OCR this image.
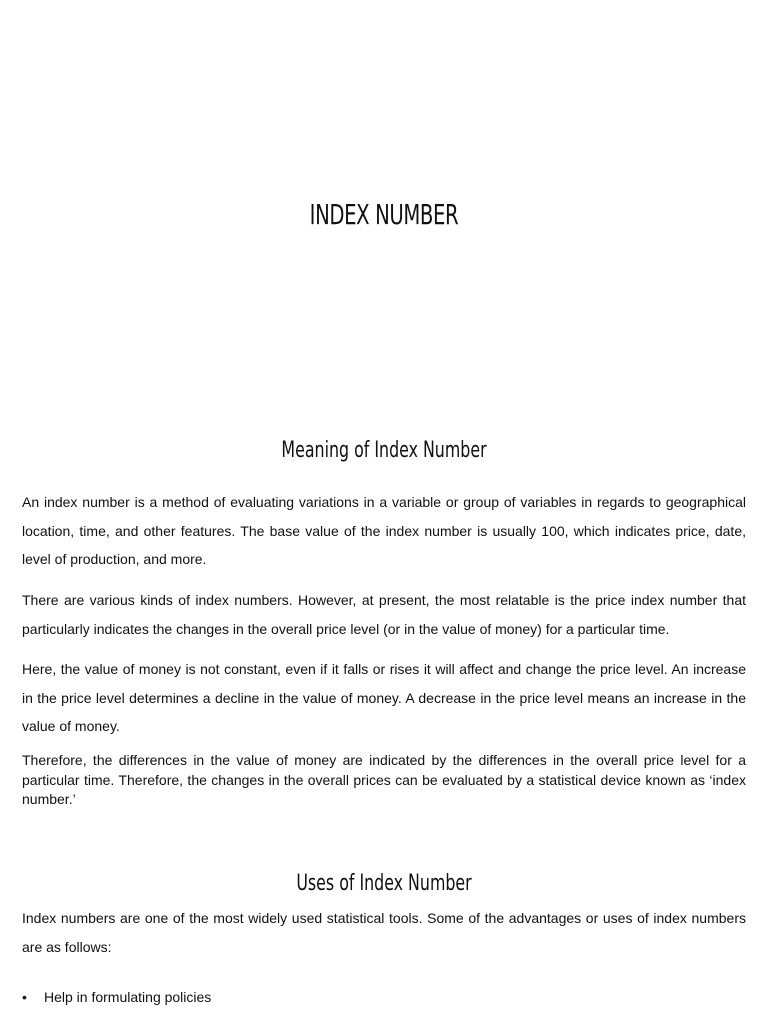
INDEX NUMBER
Meaning of Index Number

An index number is a method of evaluating variations in a variable or group of variables in regards to geographical location, time, and other features. The base value of the index number is usually 100, which indicates price, date, level of production, and more.

There are various kinds of index numbers. However, at present, the most relatable is the price index number that particularly indicates the changes in the overall price level (or in the value of money) for a particular time.

Here, the value of money is not constant, even if it falls or rises it will affect and change the price level. An increase in the price level determines a decline in the value of money. A decrease in the price level means an increase in the value of money.

Therefore, the differences in the value of money are indicated by the differences in the overall price level for a particular time. Therefore, the changes in the overall prices can be evaluated by a statistical device known as ‘index number.’

Uses of Index Number

Index numbers are one of the most widely used statistical tools. Some of the advantages or uses of index numbers are as follows:

• Help in formulating policies
